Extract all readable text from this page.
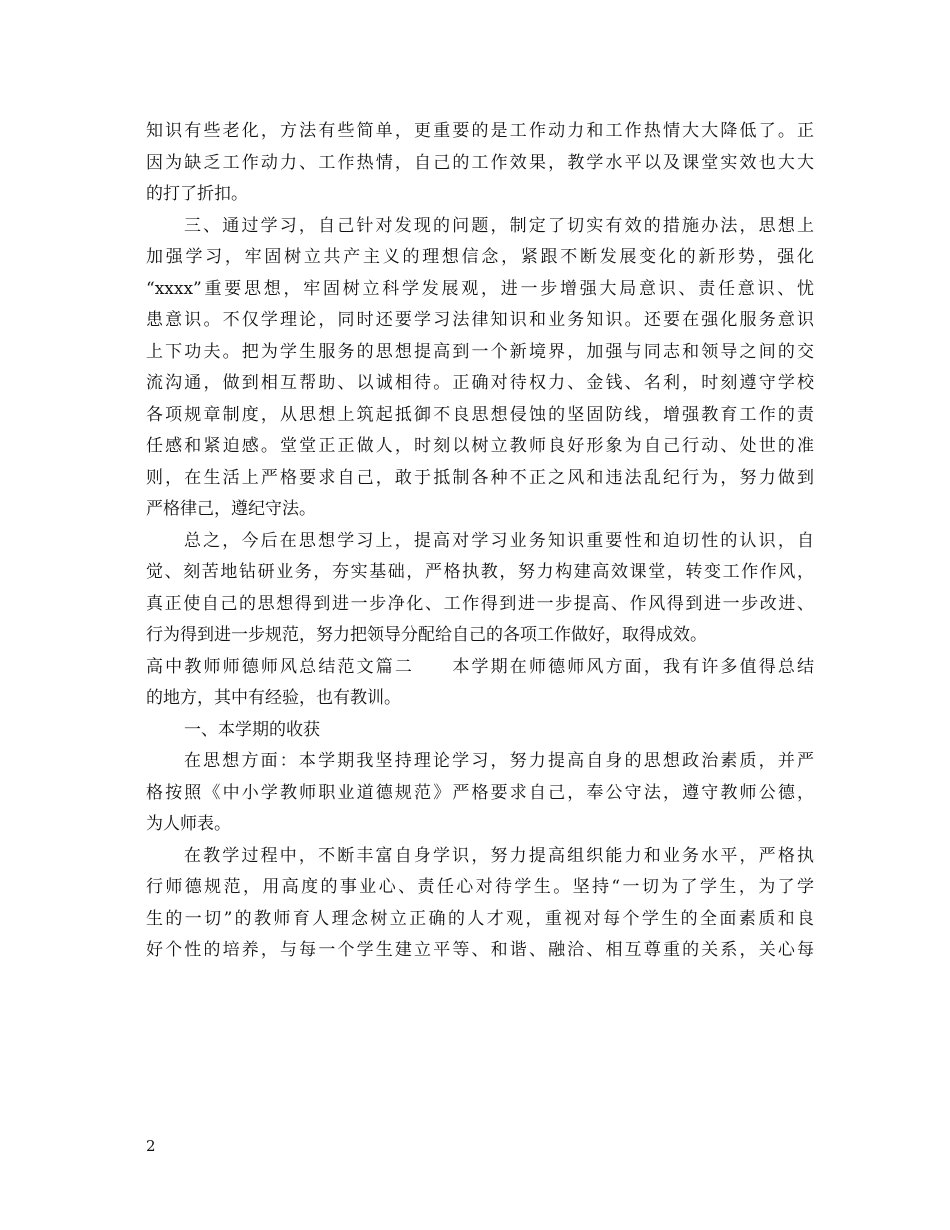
知识有些老化，方法有些简单，更重要的是工作动力和工作热情大大降低了。正
因为缺乏工作动力、工作热情，自己的工作效果，教学水平以及课堂实效也大大
的打了折扣。
三、通过学习，自己针对发现的问题，制定了切实有效的措施办法，思想上
加强学习，牢固树立共产主义的理想信念，紧跟不断发展变化的新形势，强化
“xxxx”重要思想，牢固树立科学发展观，进一步增强大局意识、责任意识、忧
患意识。不仅学理论，同时还要学习法律知识和业务知识。还要在强化服务意识
上下功夫。把为学生服务的思想提高到一个新境界，加强与同志和领导之间的交
流沟通，做到相互帮助、以诚相待。正确对待权力、金钱、名利，时刻遵守学校
各项规章制度，从思想上筑起抵御不良思想侵蚀的坚固防线，增强教育工作的责
任感和紧迫感。堂堂正正做人，时刻以树立教师良好形象为自己行动、处世的准
则，在生活上严格要求自己，敢于抵制各种不正之风和违法乱纪行为，努力做到
严格律己，遵纪守法。
总之，今后在思想学习上，提高对学习业务知识重要性和迫切性的认识，自
觉、刻苦地钻研业务，夯实基础，严格执教，努力构建高效课堂，转变工作作风，
真正使自己的思想得到进一步净化、工作得到进一步提高、作风得到进一步改进、
行为得到进一步规范，努力把领导分配给自己的各项工作做好，取得成效。
高中教师师德师风总结范文篇二　　本学期在师德师风方面，我有许多值得总结
的地方，其中有经验，也有教训。
一、本学期的收获
在思想方面：本学期我坚持理论学习，努力提高自身的思想政治素质，并严
格按照《中小学教师职业道德规范》严格要求自己，奉公守法，遵守教师公德，
为人师表。
在教学过程中，不断丰富自身学识，努力提高组织能力和业务水平，严格执
行师德规范，用高度的事业心、责任心对待学生。坚持“一切为了学生，为了学
生的一切”的教师育人理念树立正确的人才观，重视对每个学生的全面素质和良
好个性的培养，与每一个学生建立平等、和谐、融洽、相互尊重的关系，关心每
2
